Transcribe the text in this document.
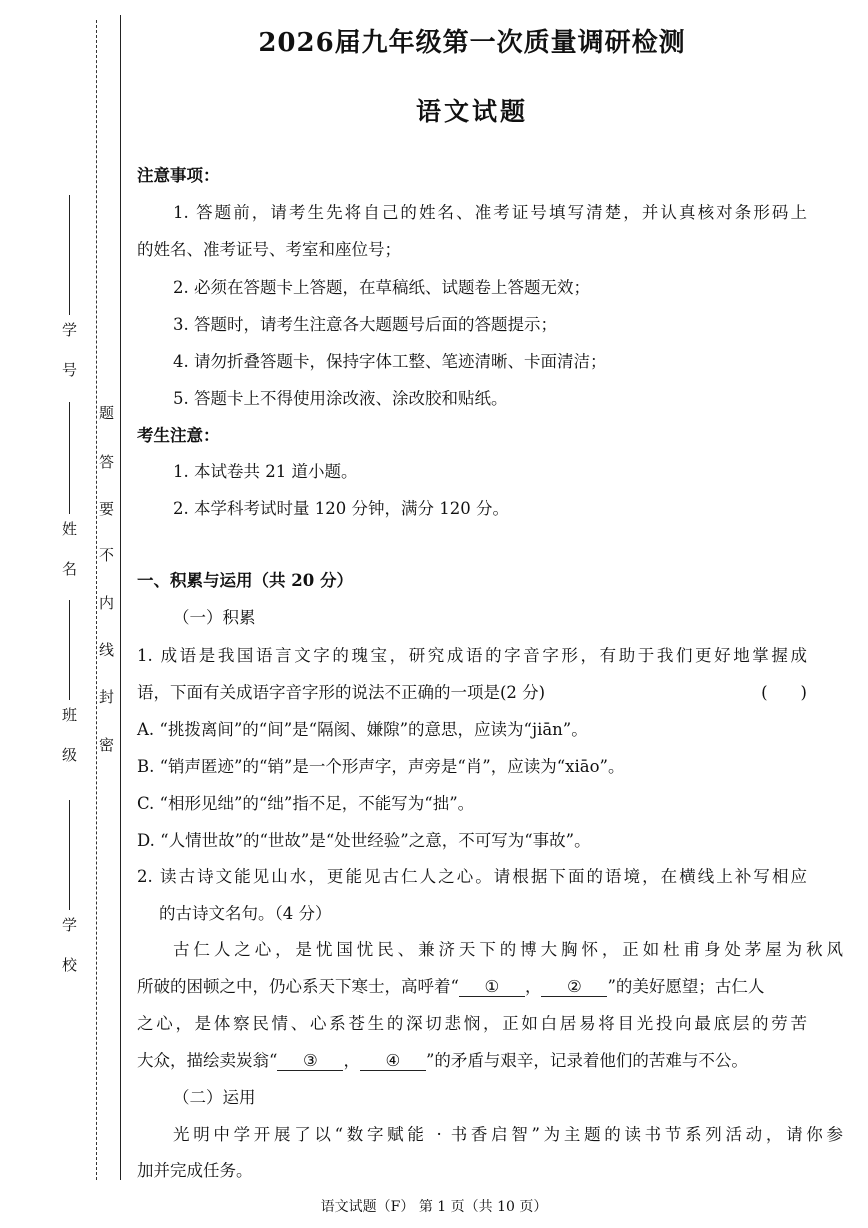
学
号
姓
名
班
级
学
校
题
答
要
不
内
线
封
密
2026届九年级第一次质量调研检测
语文试题
注意事项：
1. 答题前，请考生先将自己的姓名、准考证号填写清楚，并认真核对条形码上
的姓名、准考证号、考室和座位号；
2. 必须在答题卡上答题，在草稿纸、试题卷上答题无效；
3. 答题时，请考生注意各大题题号后面的答题提示；
4. 请勿折叠答题卡，保持字体工整、笔迹清晰、卡面清洁；
5. 答题卡上不得使用涂改液、涂改胶和贴纸。
考生注意：
1. 本试卷共 21 道小题。
2. 本学科考试时量 120 分钟，满分 120 分。
一、积累与运用（共 20 分）
（一）积累
1. 成语是我国语言文字的瑰宝，研究成语的字音字形，有助于我们更好地掌握成
语，下面有关成语字音字形的说法不正确的一项是(2 分)	(　　)
A. “挑拨离间”的“间”是“隔阂、嫌隙”的意思，应读为“jiān”。
B. “销声匿迹”的“销”是一个形声字，声旁是“肖”，应读为“xiāo”。
C. “相形见绌”的“绌”指不足，不能写为“拙”。
D. “人情世故”的“世故”是“处世经验”之意，不可写为“事故”。
2. 读古诗文能见山水，更能见古仁人之心。请根据下面的语境，在横线上补写相应
的古诗文名句。（4 分）
古仁人之心，是忧国忧民、兼济天下的博大胸怀，正如杜甫身处茅屋为秋风
所破的困顿之中，仍心系天下寒士，高呼着“ ① ， ② ”的美好愿望；古仁人
之心，是体察民情、心系苍生的深切悲悯，正如白居易将目光投向最底层的劳苦
大众，描绘卖炭翁“ ③ ， ④ ”的矛盾与艰辛，记录着他们的苦难与不公。
（二）运用
光明中学开展了以“数字赋能 · 书香启智”为主题的读书节系列活动，请你参
加并完成任务。
语文试题（F） 第 1 页（共 10 页）
